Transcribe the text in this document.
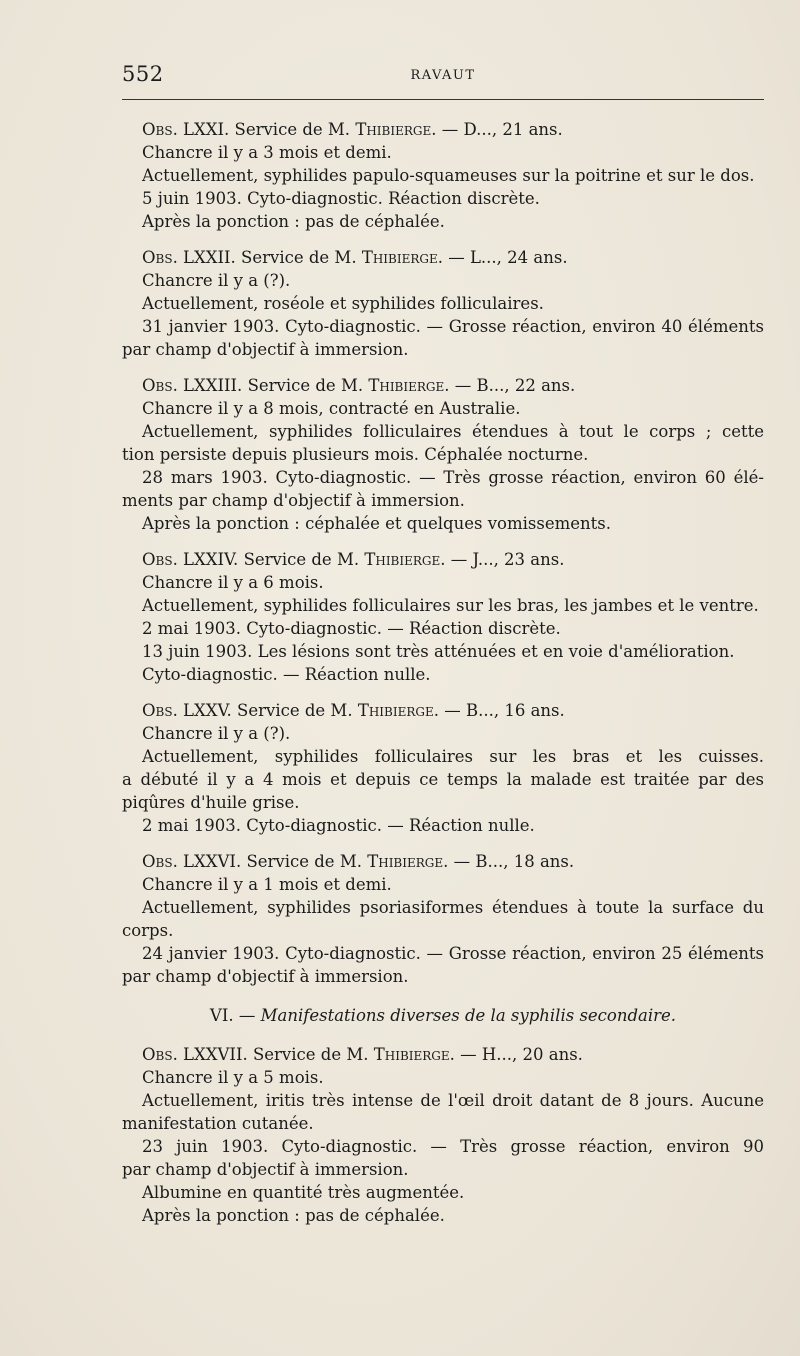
552	RAVAUT
Obs. LXXI. Service de M. Thibierge. — D..., 21 ans.
Chancre il y a 3 mois et demi.
Actuellement, syphilides papulo-squameuses sur la poitrine et sur le dos.
5 juin 1903. Cyto-diagnostic. Réaction discrète.
Après la ponction : pas de céphalée.
Obs. LXXII. Service de M. Thibierge. — L..., 24 ans.
Chancre il y a (?).
Actuellement, roséole et syphilides folliculaires.
31 janvier 1903. Cyto-diagnostic. — Grosse réaction, environ 40 éléments
par champ d'objectif à immersion.
Obs. LXXIII. Service de M. Thibierge. — B..., 22 ans.
Chancre il y a 8 mois, contracté en Australie.
Actuellement, syphilides folliculaires étendues à tout le corps ; cette
tion persiste depuis plusieurs mois. Céphalée nocturne.
28 mars 1903. Cyto-diagnostic. — Très grosse réaction, environ 60 élé-
ments par champ d'objectif à immersion.
Après la ponction : céphalée et quelques vomissements.
Obs. LXXIV. Service de M. Thibierge. — J..., 23 ans.
Chancre il y a 6 mois.
Actuellement, syphilides folliculaires sur les bras, les jambes et le ventre.
2 mai 1903. Cyto-diagnostic. — Réaction discrète.
13 juin 1903. Les lésions sont très atténuées et en voie d'amélioration.
Cyto-diagnostic. — Réaction nulle.
Obs. LXXV. Service de M. Thibierge. — B..., 16 ans.
Chancre il y a (?).
Actuellement, syphilides folliculaires sur les bras et les cuisses.
a débuté il y a 4 mois et depuis ce temps la malade est traitée par des
piqûres d'huile grise.
2 mai 1903. Cyto-diagnostic. — Réaction nulle.
Obs. LXXVI. Service de M. Thibierge. — B..., 18 ans.
Chancre il y a 1 mois et demi.
Actuellement, syphilides psoriasiformes étendues à toute la surface du
corps.
24 janvier 1903. Cyto-diagnostic. — Grosse réaction, environ 25 éléments
par champ d'objectif à immersion.
VI. — Manifestations diverses de la syphilis secondaire.
Obs. LXXVII. Service de M. Thibierge. — H..., 20 ans.
Chancre il y a 5 mois.
Actuellement, iritis très intense de l'œil droit datant de 8 jours. Aucune
manifestation cutanée.
23 juin 1903. Cyto-diagnostic. — Très grosse réaction, environ 90
par champ d'objectif à immersion.
Albumine en quantité très augmentée.
Après la ponction : pas de céphalée.
